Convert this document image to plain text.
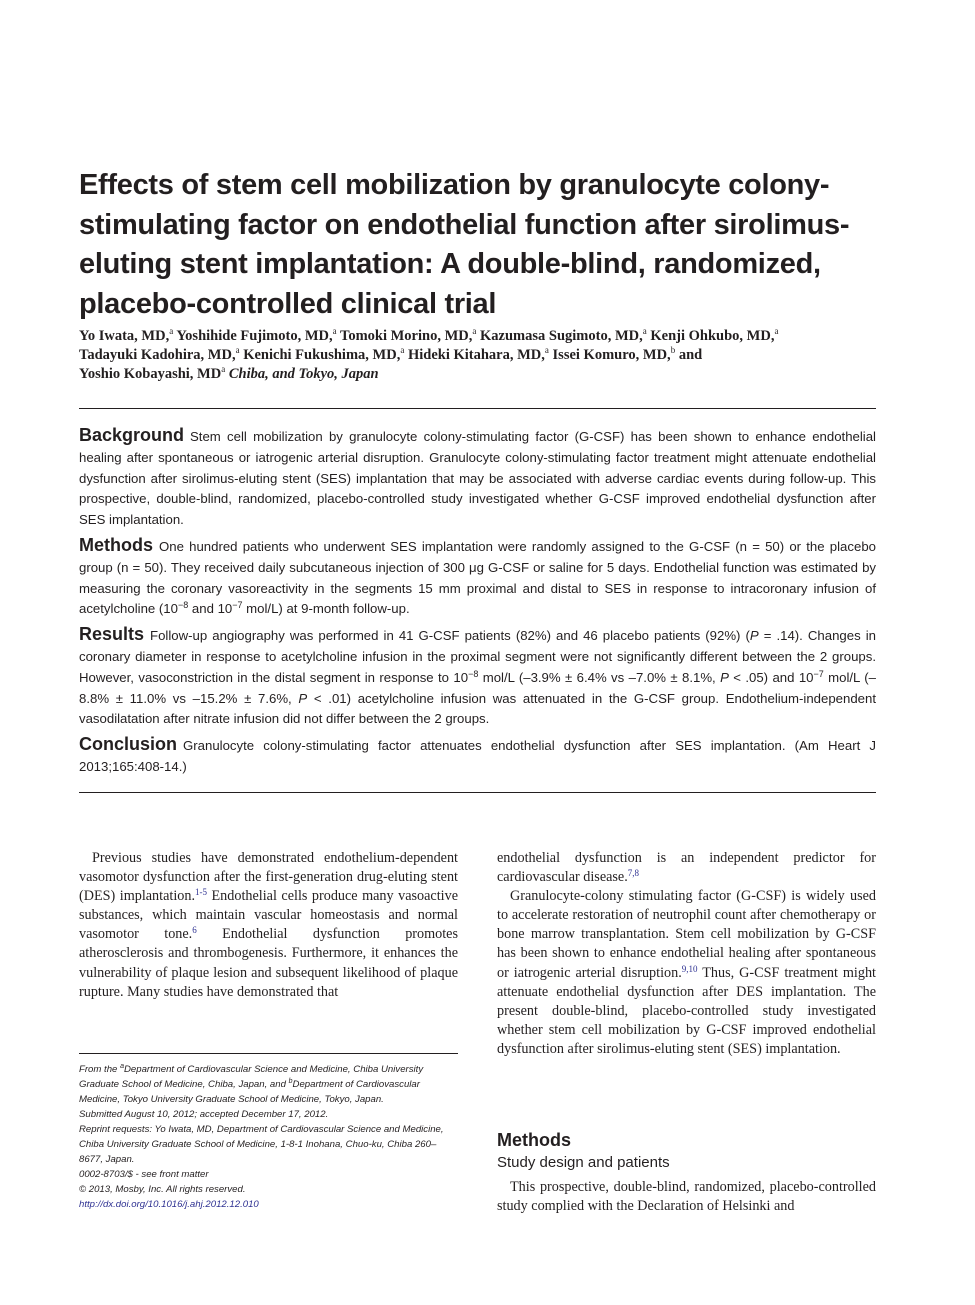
Effects of stem cell mobilization by granulocyte colony-stimulating factor on endothelial function after sirolimus-eluting stent implantation: A double-blind, randomized, placebo-controlled clinical trial
Yo Iwata, MD,$^a$ Yoshihide Fujimoto, MD,$^a$ Tomoki Morino, MD,$^a$ Kazumasa Sugimoto, MD,$^a$ Kenji Ohkubo, MD,$^a$
Tadayuki Kadohira, MD,$^a$ Kenichi Fukushima, MD,$^a$ Hideki Kitahara, MD,$^a$ Issei Komuro, MD,$^b$ and
Yoshio Kobayashi, $MD^a$ Chiba, and Tokyo, Japan

Background Stem cell mobilization by granulocyte colony-stimulating factor (G-CSF) has been shown to enhance endothelial healing after spontaneous or iatrogenic arterial disruption. Granulocyte colony-stimulating factor treatment might attenuate endothelial dysfunction after sirolimus-eluting stent (SES) implantation that may be associated with adverse cardiac events during follow-up. This prospective, double-blind, randomized, placebo-controlled study investigated whether G-CSF improved endothelial dysfunction after SES implantation.

Methods One hundred patients who underwent SES implantation were randomly assigned to the G-CSF (n = 50) or the placebo group (n = 50). They received daily subcutaneous injection of 300 μg G-CSF or saline for 5 days. Endothelial function was estimated by measuring the coronary vasoreactivity in the segments 15 mm proximal and distal to SES in response to intracoronary infusion of acetylcholine ($10^{-8}$ and $10^{-7}$ mol/L) at 9-month follow-up.

Results Follow-up angiography was performed in 41 G-CSF patients (82%) and 46 placebo patients (92%) (P = .14). Changes in coronary diameter in response to acetylcholine infusion in the proximal segment were not significantly different between the 2 groups. However, vasoconstriction in the distal segment in response to $10^{-8}$ mol/L (–3.9% ± 6.4% vs –7.0% ± 8.1%, P < .05) and $10^{-7}$ mol/L (–8.8% ± 11.0% vs –15.2% ± 7.6%, P < .01) acetylcholine infusion was attenuated in the G-CSF group. Endothelium-independent vasodilatation after nitrate infusion did not differ between the 2 groups.

Conclusion Granulocyte colony-stimulating factor attenuates endothelial dysfunction after SES implantation. (Am Heart J 2013;165:408-14.)

Previous studies have demonstrated endothelium-dependent vasomotor dysfunction after the first-generation drug-eluting stent (DES) implantation.$^{1-5}$ Endothelial cells produce many vasoactive substances, which maintain vascular homeostasis and normal vasomotor tone.$^6$ Endothelial dysfunction promotes atherosclerosis and thrombogenesis. Furthermore, it enhances the vulnerability of plaque lesion and subsequent likelihood of plaque rupture. Many studies have demonstrated that

From the $^a$Department of Cardiovascular Science and Medicine, Chiba University Graduate School of Medicine, Chiba, Japan, and $^b$Department of Cardiovascular Medicine, Tokyo University Graduate School of Medicine, Tokyo, Japan.
Submitted August 10, 2012; accepted December 17, 2012.
Reprint requests: Yo Iwata, MD, Department of Cardiovascular Science and Medicine, Chiba University Graduate School of Medicine, 1-8-1 Inohana, Chuo-ku, Chiba 260–8677, Japan.
0002-8703/$ - see front matter
© 2013, Mosby, Inc. All rights reserved.
http://dx.doi.org/10.1016/j.ahj.2012.12.010

endothelial dysfunction is an independent predictor for cardiovascular disease.$^{7,8}$

Granulocyte-colony stimulating factor (G-CSF) is widely used to accelerate restoration of neutrophil count after chemotherapy or bone marrow transplantation. Stem cell mobilization by G-CSF has been shown to enhance endothelial healing after spontaneous or iatrogenic arterial disruption.$^{9,10}$ Thus, G-CSF treatment might attenuate endothelial dysfunction after DES implantation. The present double-blind, placebo-controlled study investigated whether stem cell mobilization by G-CSF improved endothelial dysfunction after sirolimus-eluting stent (SES) implantation.

Methods
Study design and patients

This prospective, double-blind, randomized, placebo-controlled study complied with the Declaration of Helsinki and
